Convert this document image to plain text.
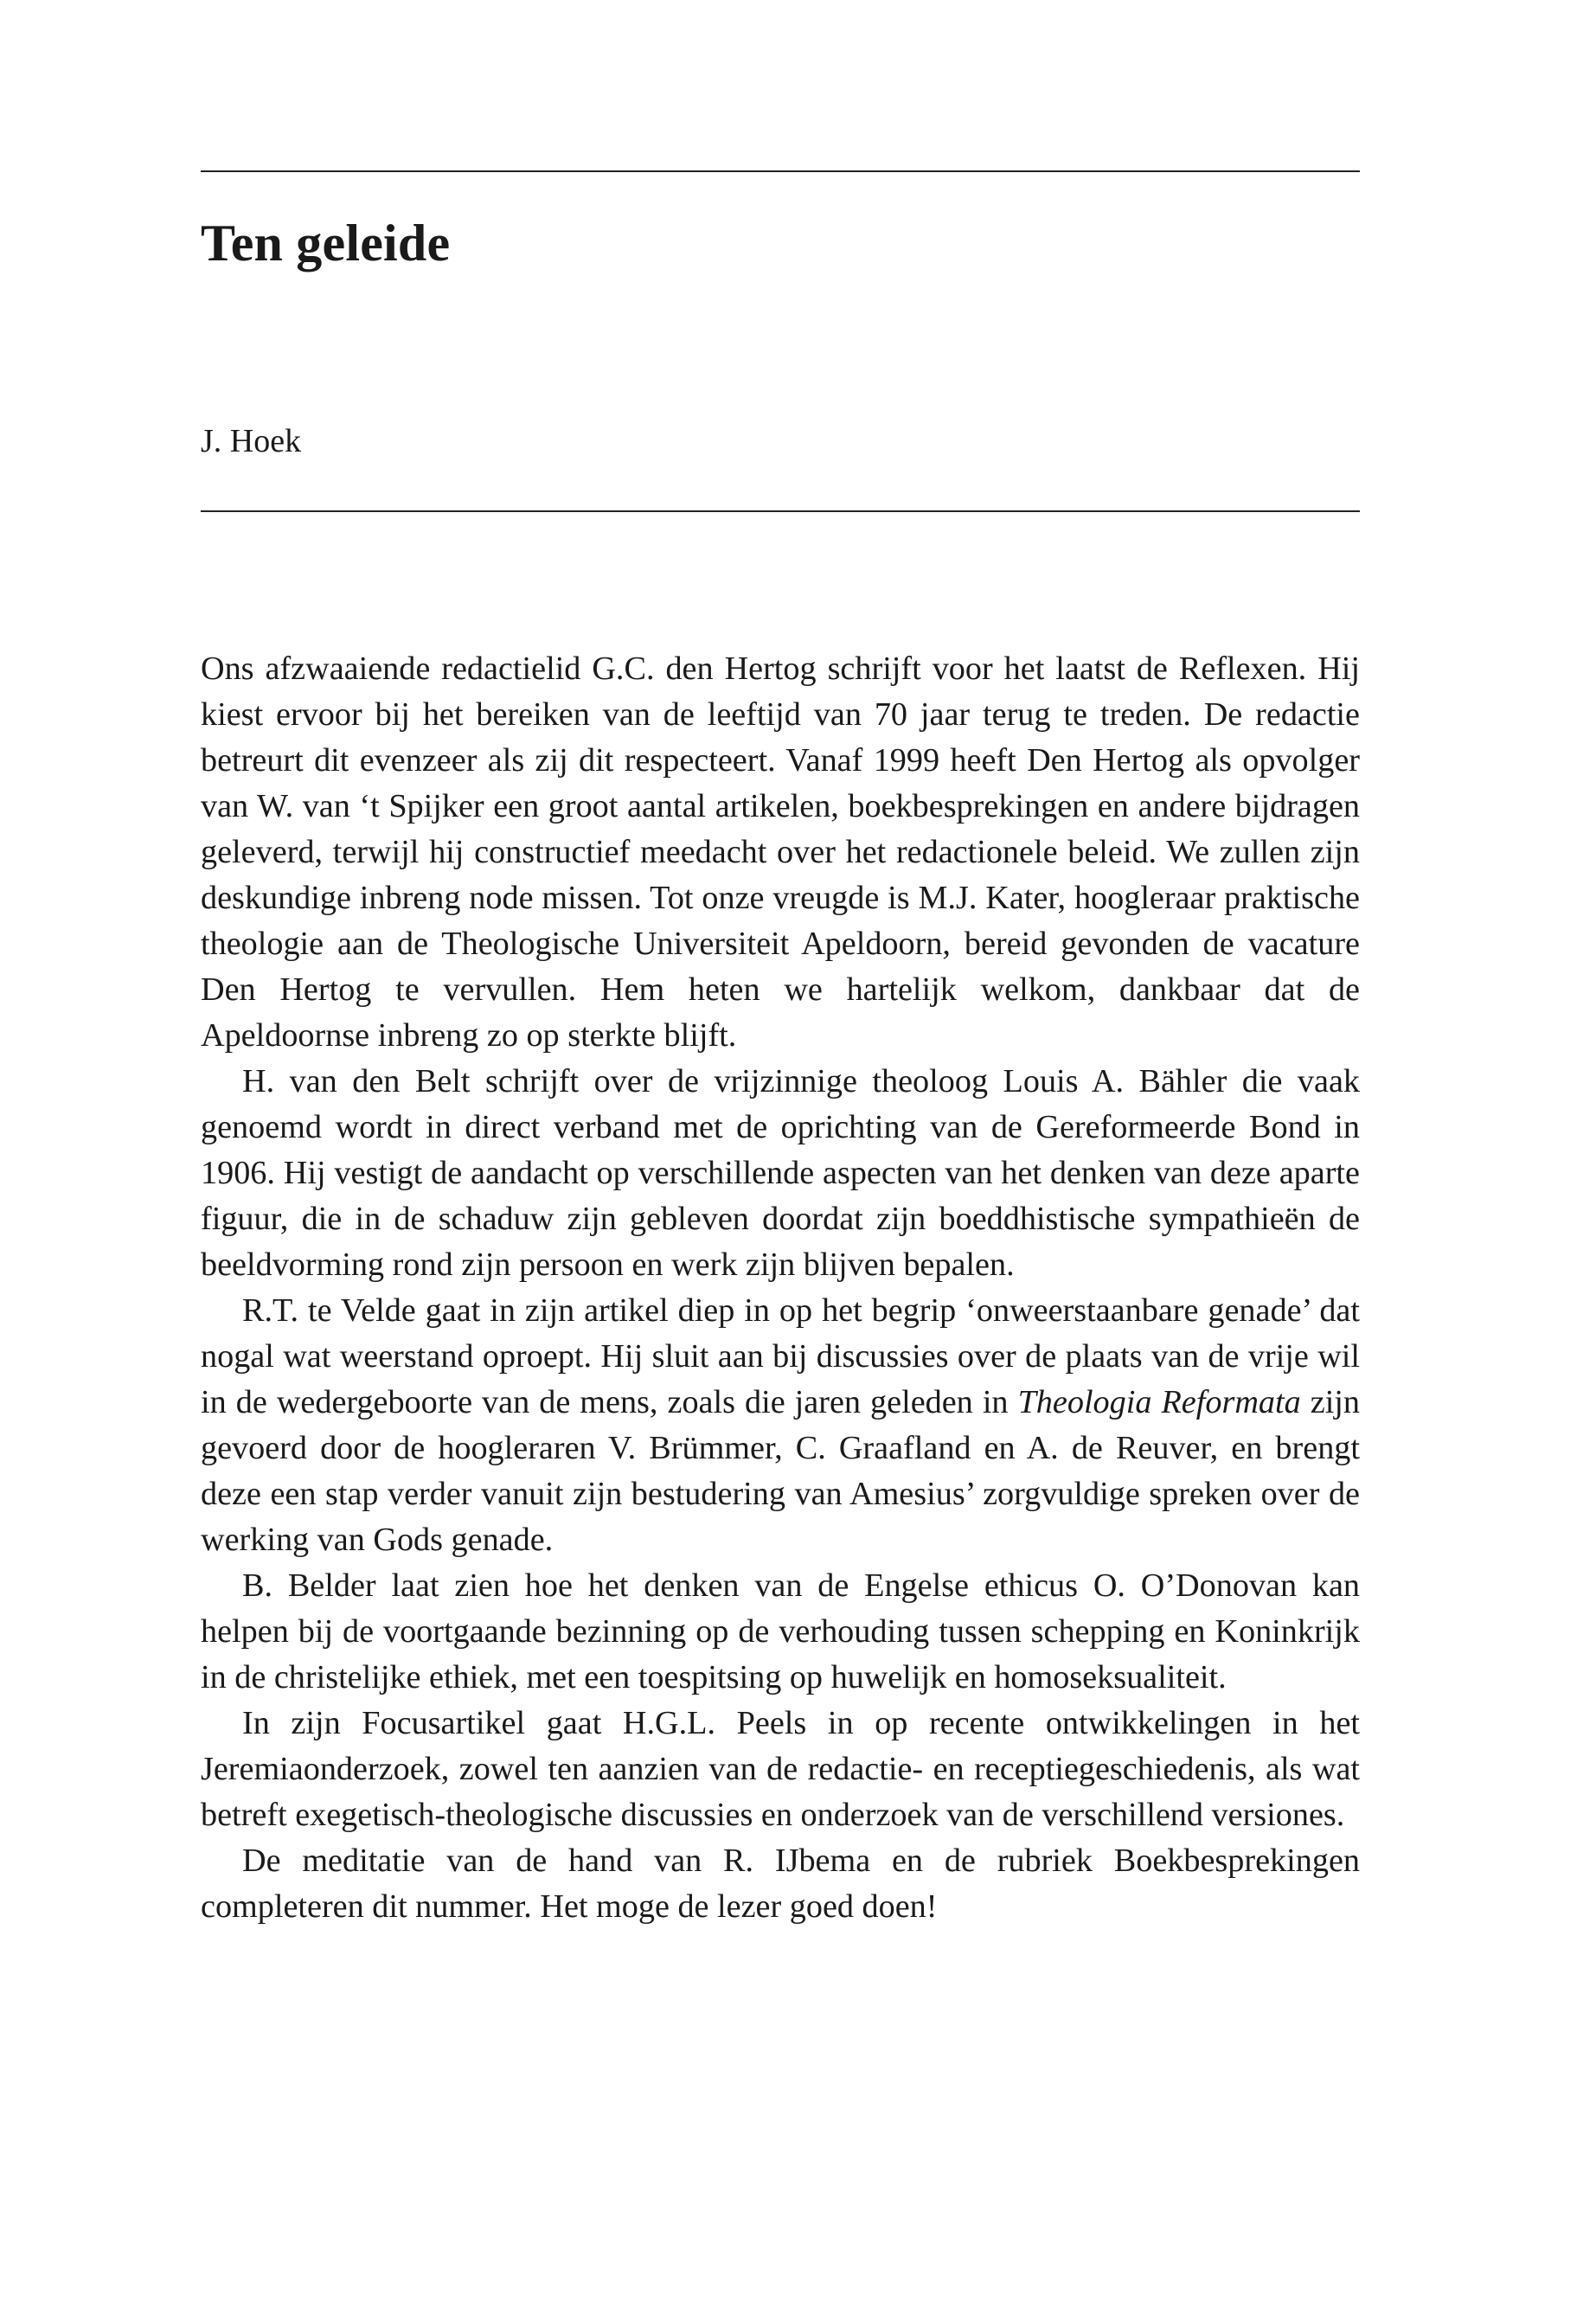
Ten geleide

J. Hoek

Ons afzwaaiende redactielid G.C. den Hertog schrijft voor het laatst de Reflexen. Hij kiest ervoor bij het bereiken van de leeftijd van 70 jaar terug te treden. De redactie betreurt dit evenzeer als zij dit respecteert. Vanaf 1999 heeft Den Hertog als opvolger van W. van ‘t Spijker een groot aantal artikelen, boekbesprekingen en andere bijdragen geleverd, terwijl hij constructief meedacht over het redactionele beleid. We zullen zijn deskundige inbreng node missen. Tot onze vreugde is M.J. Kater, hoogleraar praktische theologie aan de Theologische Universiteit Apeldoorn, bereid gevonden de vacature Den Hertog te vervullen. Hem heten we hartelijk welkom, dankbaar dat de Apeldoornse inbreng zo op sterkte blijft.

H. van den Belt schrijft over de vrijzinnige theoloog Louis A. Bähler die vaak genoemd wordt in direct verband met de oprichting van de Gereformeerde Bond in 1906. Hij vestigt de aandacht op verschillende aspecten van het denken van deze aparte figuur, die in de schaduw zijn gebleven doordat zijn boeddhistische sympathieën de beeldvorming rond zijn persoon en werk zijn blijven bepalen.

R.T. te Velde gaat in zijn artikel diep in op het begrip ‘onweerstaanbare genade’ dat nogal wat weerstand oproept. Hij sluit aan bij discussies over de plaats van de vrije wil in de wedergeboorte van de mens, zoals die jaren geleden in Theologia Reformata zijn gevoerd door de hoogleraren V. Brümmer, C. Graafland en A. de Reuver, en brengt deze een stap verder vanuit zijn bestudering van Amesius’ zorgvuldige spreken over de werking van Gods genade.

B. Belder laat zien hoe het denken van de Engelse ethicus O. O’Donovan kan helpen bij de voortgaande bezinning op de verhouding tussen schepping en Koninkrijk in de christelijke ethiek, met een toespitsing op huwelijk en homoseksualiteit.

In zijn Focusartikel gaat H.G.L. Peels in op recente ontwikkelingen in het Jeremiaonderzoek, zowel ten aanzien van de redactie- en receptiegeschiedenis, als wat betreft exegetisch-theologische discussies en onderzoek van de verschillend versiones.

De meditatie van de hand van R. IJbema en de rubriek Boekbesprekingen completeren dit nummer. Het moge de lezer goed doen!
